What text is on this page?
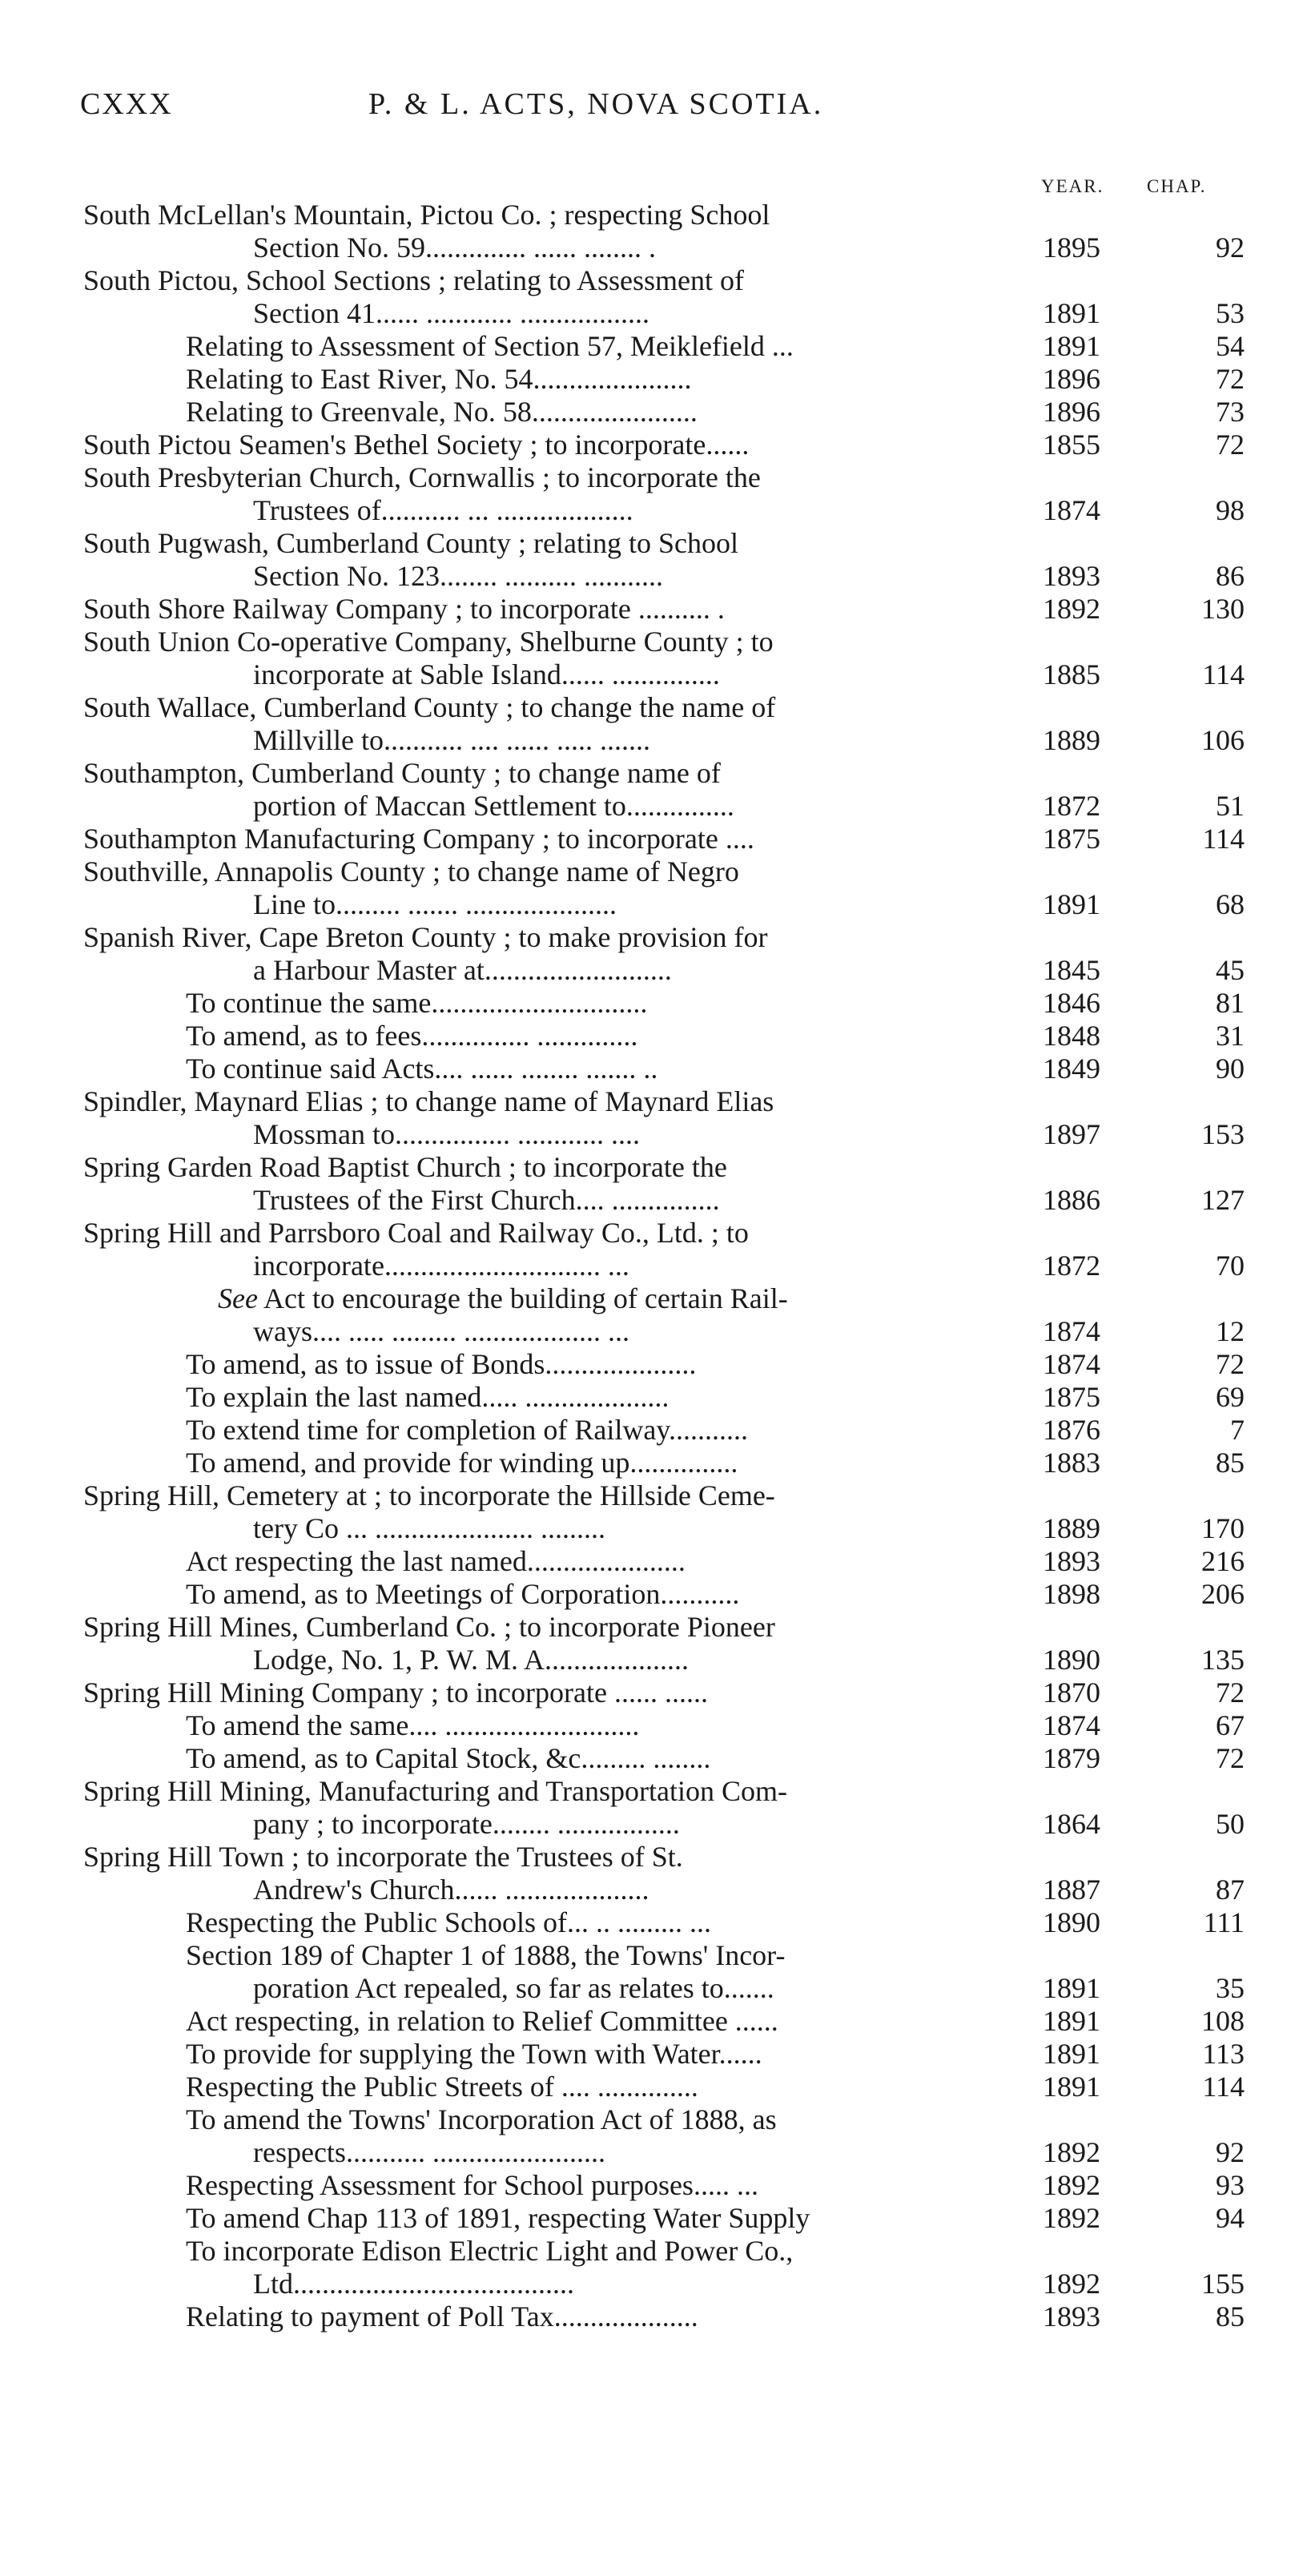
CXXX	P. & L. ACTS, NOVA SCOTIA.
YEAR. CHAP.
South McLellan's Mountain, Pictou Co. ; respecting School
Section No. 59.............. ...... ........ .	1895	92
South Pictou, School Sections ; relating to Assessment of
Section 41...... ............ ..................	1891	53
Relating to Assessment of Section 57, Meiklefield ...	1891	54
Relating to East River, No. 54......................	1896	72
Relating to Greenvale, No. 58.......................	1896	73
South Pictou Seamen's Bethel Society ; to incorporate......	1855	72
South Presbyterian Church, Cornwallis ; to incorporate the
Trustees of........... ... ...................	1874	98
South Pugwash, Cumberland County ; relating to School
Section No. 123........ .......... ...........	1893	86
South Shore Railway Company ; to incorporate .......... .	1892	130
South Union Co-operative Company, Shelburne County ; to
incorporate at Sable Island...... ...............	1885	114
South Wallace, Cumberland County ; to change the name of
Millville to........... .... ...... ..... .......	1889	106
Southampton, Cumberland County ; to change name of
portion of Maccan Settlement to...............	1872	51
Southampton Manufacturing Company ; to incorporate ....	1875	114
Southville, Annapolis County ; to change name of Negro
Line to......... ....... .....................	1891	68
Spanish River, Cape Breton County ; to make provision for
a Harbour Master at..........................	1845	45
To continue the same..............................	1846	81
To amend, as to fees............... ..............	1848	31
To continue said Acts.... ...... ........ ....... ..	1849	90
Spindler, Maynard Elias ; to change name of Maynard Elias
Mossman to................ ............ ....	1897	153
Spring Garden Road Baptist Church ; to incorporate the
Trustees of the First Church.... ...............	1886	127
Spring Hill and Parrsboro Coal and Railway Co., Ltd. ; to
incorporate.............................. ...	1872	70
See Act to encourage the building of certain Rail-
ways.... ..... ......... ................... ...	1874	12
To amend, as to issue of Bonds.....................	1874	72
To explain the last named..... ....................	1875	69
To extend time for completion of Railway...........	1876	7
To amend, and provide for winding up...............	1883	85
Spring Hill, Cemetery at ; to incorporate the Hillside Ceme-
tery Co ... ...................... .........	1889	170
Act respecting the last named......................	1893	216
To amend, as to Meetings of Corporation...........	1898	206
Spring Hill Mines, Cumberland Co. ; to incorporate Pioneer
Lodge, No. 1, P. W. M. A....................	1890	135
Spring Hill Mining Company ; to incorporate ...... ......	1870	72
To amend the same.... ...........................	1874	67
To amend, as to Capital Stock, &c......... ........	1879	72
Spring Hill Mining, Manufacturing and Transportation Com-
pany ; to incorporate........ .................	1864	50
Spring Hill Town ; to incorporate the Trustees of St.
Andrew's Church...... ....................	1887	87
Respecting the Public Schools of... .. ......... ...	1890	111
Section 189 of Chapter 1 of 1888, the Towns' Incor-
poration Act repealed, so far as relates to.......	1891	35
Act respecting, in relation to Relief Committee ......	1891	108
To provide for supplying the Town with Water......	1891	113
Respecting the Public Streets of .... ..............	1891	114
To amend the Towns' Incorporation Act of 1888, as
respects........... ........................	1892	92
Respecting Assessment for School purposes..... ...	1892	93
To amend Chap 113 of 1891, respecting Water Supply	1892	94
To incorporate Edison Electric Light and Power Co.,
Ltd.......................................	1892	155
Relating to payment of Poll Tax....................	1893	85
